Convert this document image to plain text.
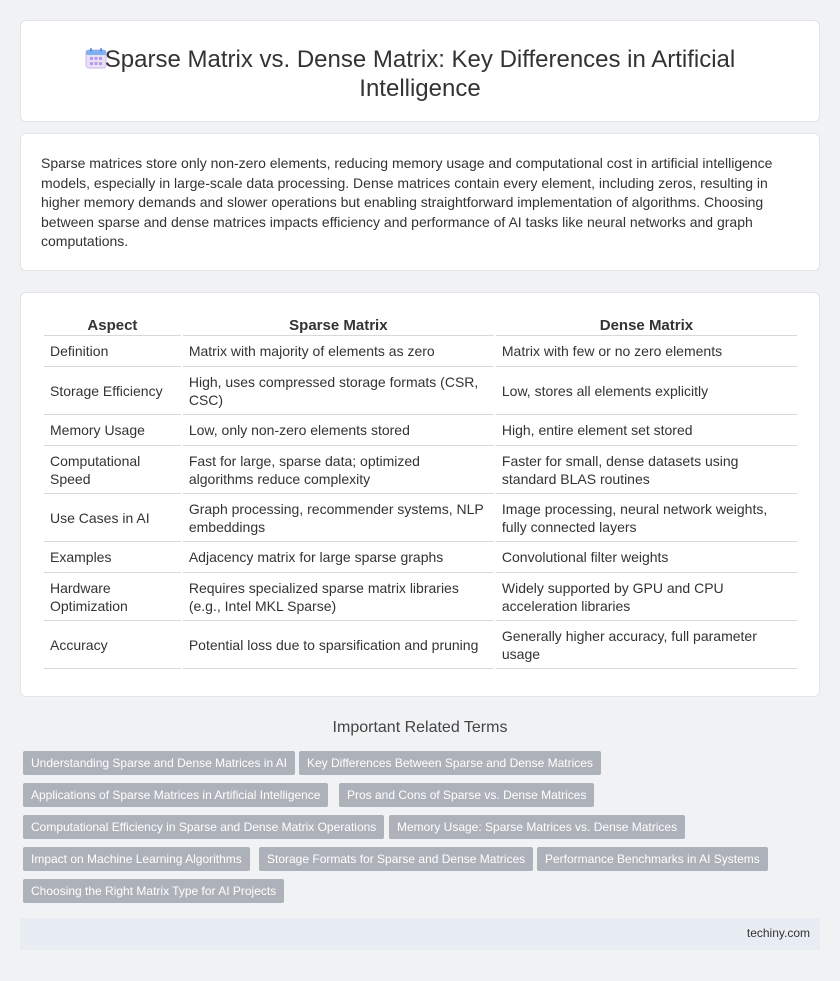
Sparse Matrix vs. Dense Matrix: Key Differences in Artificial
Intelligence

Sparse matrices store only non-zero elements, reducing memory usage and computational cost in artificial intelligence models, especially in large-scale data processing. Dense matrices contain every element, including zeros, resulting in higher memory demands and slower operations but enabling straightforward implementation of algorithms. Choosing between sparse and dense matrices impacts efficiency and performance of AI tasks like neural networks and graph computations.

Aspect	Sparse Matrix	Dense Matrix
Definition	Matrix with majority of elements as zero	Matrix with few or no zero elements
Storage Efficiency	High, uses compressed storage formats (CSR, CSC)	Low, stores all elements explicitly
Memory Usage	Low, only non-zero elements stored	High, entire element set stored
Computational Speed	Fast for large, sparse data; optimized algorithms reduce complexity	Faster for small, dense datasets using standard BLAS routines
Use Cases in AI	Graph processing, recommender systems, NLP embeddings	Image processing, neural network weights, fully connected layers
Examples	Adjacency matrix for large sparse graphs	Convolutional filter weights
Hardware Optimization	Requires specialized sparse matrix libraries (e.g., Intel MKL Sparse)	Widely supported by GPU and CPU acceleration libraries
Accuracy	Potential loss due to sparsification and pruning	Generally higher accuracy, full parameter usage
Important Related Terms
Understanding Sparse and Dense Matrices in AI	Key Differences Between Sparse and Dense Matrices
Applications of Sparse Matrices in Artificial Intelligence	Pros and Cons of Sparse vs. Dense Matrices
Computational Efficiency in Sparse and Dense Matrix Operations	Memory Usage: Sparse Matrices vs. Dense Matrices
Impact on Machine Learning Algorithms	Storage Formats for Sparse and Dense Matrices	Performance Benchmarks in AI Systems
Choosing the Right Matrix Type for AI Projects
techiny.com
